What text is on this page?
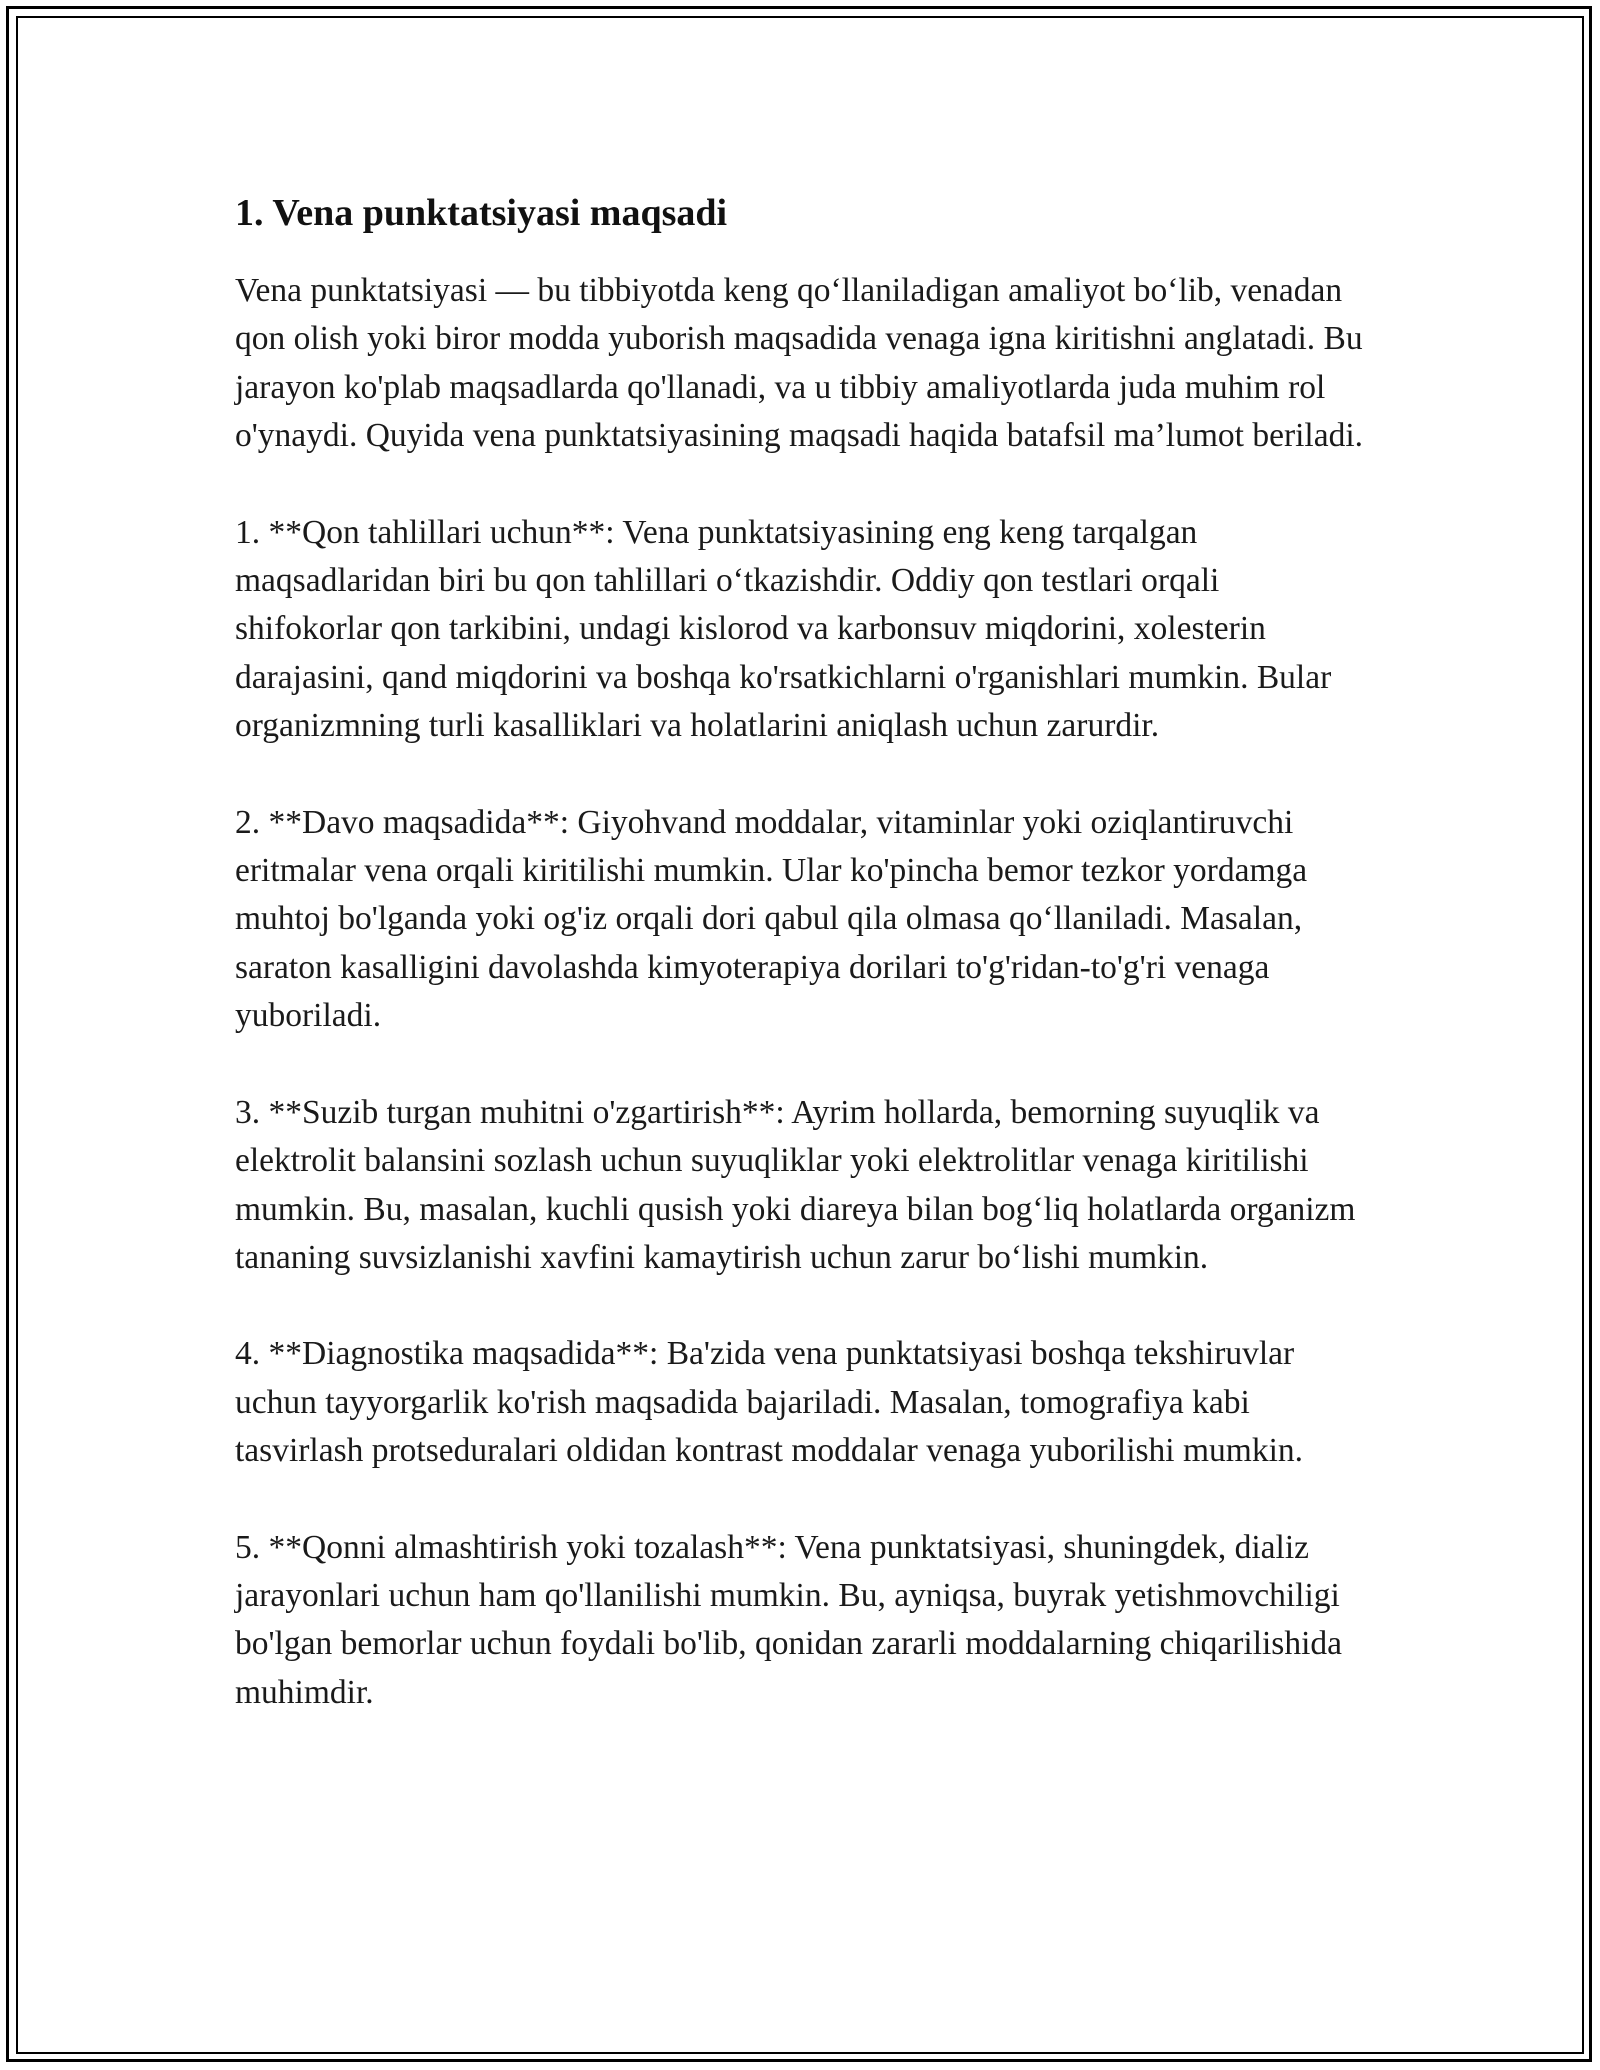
1. Vena punktatsiyasi maqsadi

Vena punktatsiyasi — bu tibbiyotda keng qo‘llaniladigan amaliyot bo‘lib, venadan qon olish yoki biror modda yuborish maqsadida venaga igna kiritishni anglatadi. Bu jarayon ko'plab maqsadlarda qo'llanadi, va u tibbiy amaliyotlarda juda muhim rol o'ynaydi. Quyida vena punktatsiyasining maqsadi haqida batafsil ma’lumot beriladi.

1. **Qon tahlillari uchun**: Vena punktatsiyasining eng keng tarqalgan maqsadlaridan biri bu qon tahlillari o‘tkazishdir. Oddiy qon testlari orqali shifokorlar qon tarkibini, undagi kislorod va karbonsuv miqdorini, xolesterin darajasini, qand miqdorini va boshqa ko'rsatkichlarni o'rganishlari mumkin. Bular organizmning turli kasalliklari va holatlarini aniqlash uchun zarurdir.

2. **Davo maqsadida**: Giyohvand moddalar, vitaminlar yoki oziqlantiruvchi eritmalar vena orqali kiritilishi mumkin. Ular ko'pincha bemor tezkor yordamga muhtoj bo'lganda yoki og'iz orqali dori qabul qila olmasa qo‘llaniladi. Masalan, saraton kasalligini davolashda kimyoterapiya dorilari to'g'ridan-to'g'ri venaga yuboriladi.

3. **Suzib turgan muhitni o'zgartirish**: Ayrim hollarda, bemorning suyuqlik va elektrolit balansini sozlash uchun suyuqliklar yoki elektrolitlar venaga kiritilishi mumkin. Bu, masalan, kuchli qusish yoki diareya bilan bog‘liq holatlarda organizm tananing suvsizlanishi xavfini kamaytirish uchun zarur bo‘lishi mumkin.

4. **Diagnostika maqsadida**: Ba'zida vena punktatsiyasi boshqa tekshiruvlar uchun tayyorgarlik ko'rish maqsadida bajariladi. Masalan, tomografiya kabi tasvirlash protseduralari oldidan kontrast moddalar venaga yuborilishi mumkin.

5. **Qonni almashtirish yoki tozalash**: Vena punktatsiyasi, shuningdek, dializ jarayonlari uchun ham qo'llanilishi mumkin. Bu, ayniqsa, buyrak yetishmovchiligi bo'lgan bemorlar uchun foydali bo'lib, qonidan zararli moddalarning chiqarilishida muhimdir.
